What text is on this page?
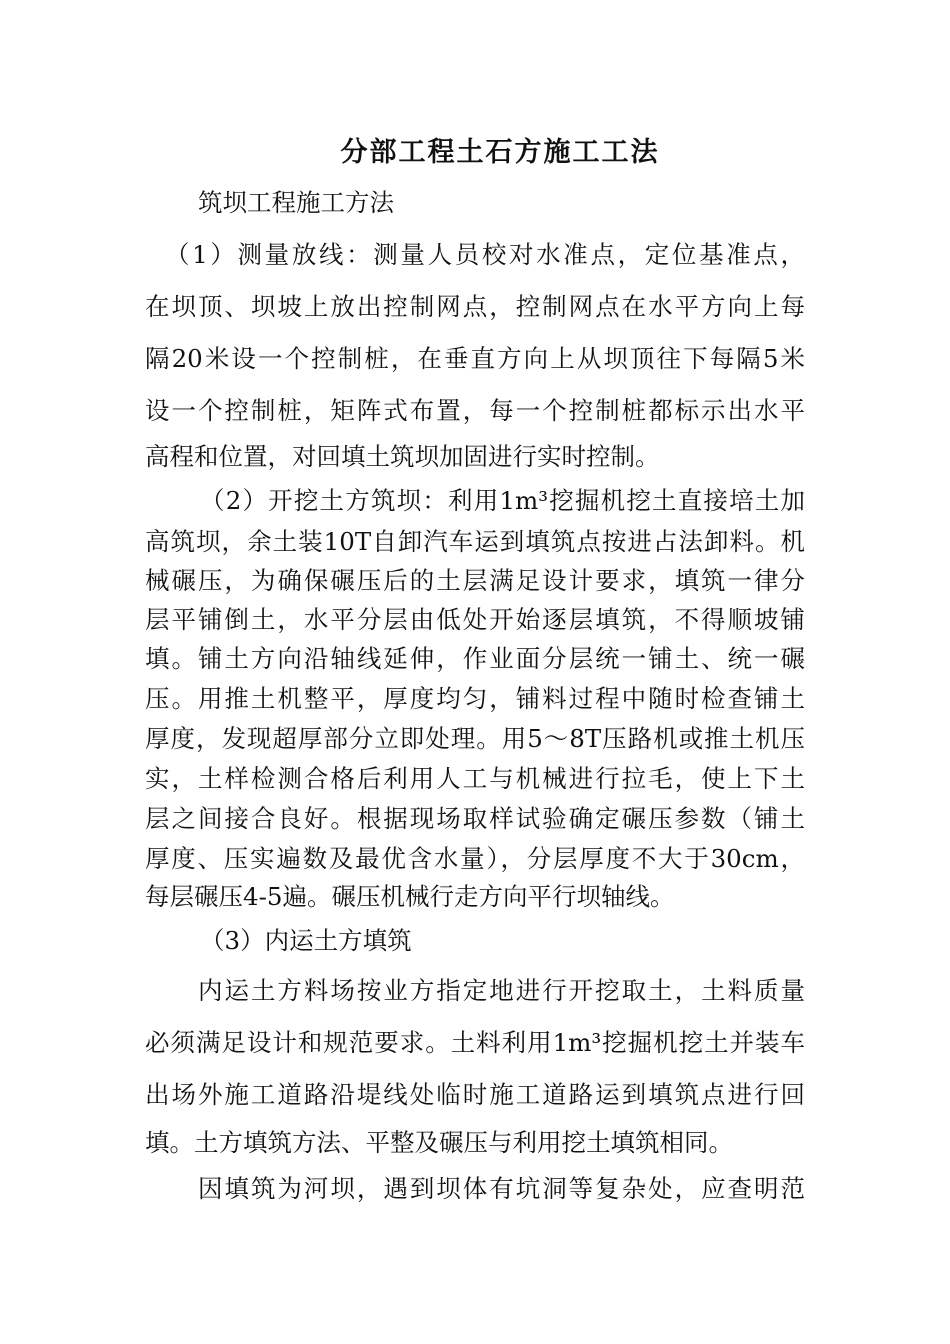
分部工程土石方施工工法

筑坝工程施工方法

（1）测量放线：测量人员校对水准点，定位基准点，

在坝顶、坝坡上放出控制网点，控制网点在水平方向上每

隔20米设一个控制桩，在垂直方向上从坝顶往下每隔5米

设一个控制桩，矩阵式布置，每一个控制桩都标示出水平

高程和位置，对回填土筑坝加固进行实时控制。

（2）开挖土方筑坝：利用1m³挖掘机挖土直接培土加

高筑坝，余土装10T自卸汽车运到填筑点按进占法卸料。机

械碾压，为确保碾压后的土层满足设计要求，填筑一律分

层平铺倒土，水平分层由低处开始逐层填筑，不得顺坡铺

填。铺土方向沿轴线延伸，作业面分层统一铺土、统一碾

压。用推土机整平，厚度均匀，铺料过程中随时检查铺土

厚度，发现超厚部分立即处理。用5～8T压路机或推土机压

实，土样检测合格后利用人工与机械进行拉毛，使上下土

层之间接合良好。根据现场取样试验确定碾压参数（铺土

厚度、压实遍数及最优含水量），分层厚度不大于30cm，

每层碾压4-5遍。碾压机械行走方向平行坝轴线。

（3）内运土方填筑

内运土方料场按业方指定地进行开挖取土，土料质量

必须满足设计和规范要求。土料利用1m³挖掘机挖土并装车

出场外施工道路沿堤线处临时施工道路运到填筑点进行回

填。土方填筑方法、平整及碾压与利用挖土填筑相同。

因填筑为河坝，遇到坝体有坑洞等复杂处，应查明范
